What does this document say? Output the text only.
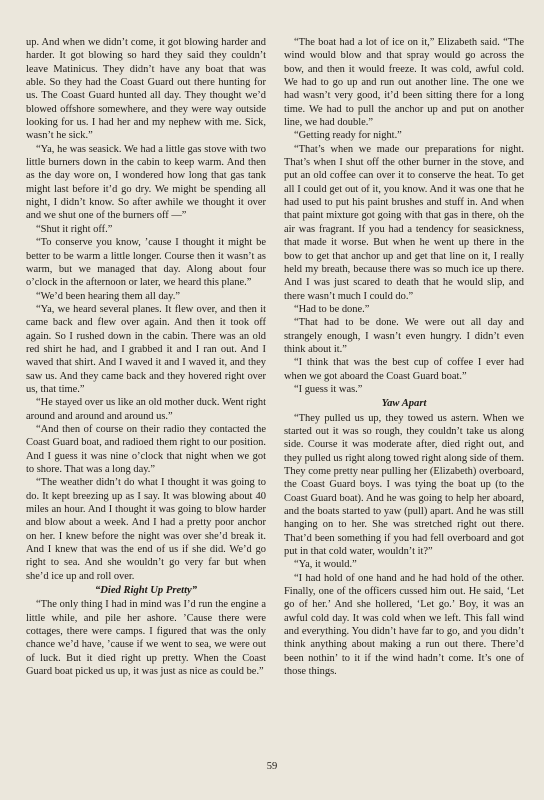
up. And when we didn’t come, it got blowing harder and harder. It got blowing so hard they said they couldn’t leave Matinicus. They didn’t have any boat that was able. So they had the Coast Guard out there hunting for us. The Coast Guard hunted all day. They thought we’d blowed offshore somewhere, and they were way outside looking for us. I had her and my nephew with me. Sick, wasn’t he sick.”

“Ya, he was seasick. We had a little gas stove with two little burners down in the cabin to keep warm. And then as the day wore on, I wondered how long that gas tank might last before it’d go dry. We might be spending all night, I didn’t know. So after awhile we thought it over and we shut one of the burners off —”

“Shut it right off.”

“To conserve you know, ’cause I thought it might be better to be warm a little longer. Course then it wasn’t as warm, but we managed that day. Along about four o’clock in the afternoon or later, we heard this plane.”

“We’d been hearing them all day.”

“Ya, we heard several planes. It flew over, and then it came back and flew over again. And then it took off again. So I rushed down in the cabin. There was an old red shirt he had, and I grabbed it and I ran out. And I waved that shirt. And I waved it and I waved it, and they saw us. And they came back and they hovered right over us, that time.”

“He stayed over us like an old mother duck. Went right around and around and around us.”

“And then of course on their radio they contacted the Coast Guard boat, and radioed them right to our position. And I guess it was nine o’clock that night when we got to shore. That was a long day.”

“The weather didn’t do what I thought it was going to do. It kept breezing up as I say. It was blowing about 40 miles an hour. And I thought it was going to blow harder and blow about a week. And I had a pretty poor anchor on her. I knew before the night was over she’d break it. And I knew that was the end of us if she did. We’d go right to sea. And she wouldn’t go very far but when she’d ice up and roll over.

“Died Right Up Pretty”

“The only thing I had in mind was I’d run the engine a little while, and pile her ashore. ’Cause there were cottages, there were camps. I figured that was the only chance we’d have, ’cause if we went to sea, we were out of luck. But it died right up pretty. When the Coast Guard boat picked us up, it was just as nice as could be.”

“The boat had a lot of ice on it,” Elizabeth said. “The wind would blow and that spray would go across the bow, and then it would freeze. It was cold, awful cold. We had to go up and run out another line. The one we had wasn’t very good, it’d been sitting there for a long time. We had to pull the anchor up and put on another line, we had double.”

“Getting ready for night.”

“That’s when we made our preparations for night. That’s when I shut off the other burner in the stove, and put an old coffee can over it to conserve the heat. To get all I could get out of it, you know. And it was one that he had used to put his paint brushes and stuff in. And when that paint mixture got going with that gas in there, oh the air was fragrant. If you had a tendency for seasickness, that made it worse. But when he went up there in the bow to get that anchor up and get that line on it, I really held my breath, because there was so much ice up there. And I was just scared to death that he would slip, and there wasn’t much I could do.”

“Had to be done.”

“That had to be done. We were out all day and strangely enough, I wasn’t even hungry. I didn’t even think about it.”

“I think that was the best cup of coffee I ever had when we got aboard the Coast Guard boat.”

“I guess it was.”

Yaw Apart

“They pulled us up, they towed us astern. When we started out it was so rough, they couldn’t take us along side. Course it was moderate after, died right out, and they pulled us right along towed right along side of them. They come pretty near pulling her (Elizabeth) overboard, the Coast Guard boys. I was tying the boat up (to the Coast Guard boat). And he was going to help her aboard, and the boats started to yaw (pull) apart. And he was still hanging on to her. She was stretched right out there. That’d been something if you had fell overboard and got put in that cold water, wouldn’t it?”

“Ya, it would.”

“I had hold of one hand and he had hold of the other. Finally, one of the officers cussed him out. He said, ‘Let go of her.’ And she hollered, ‘Let go.’ Boy, it was an awful cold day. It was cold when we left. This fall wind and everything. You didn’t have far to go, and you didn’t think anything about making a run out there. There’d been nothin’ to it if the wind hadn’t come. It’s one of those things.

59
